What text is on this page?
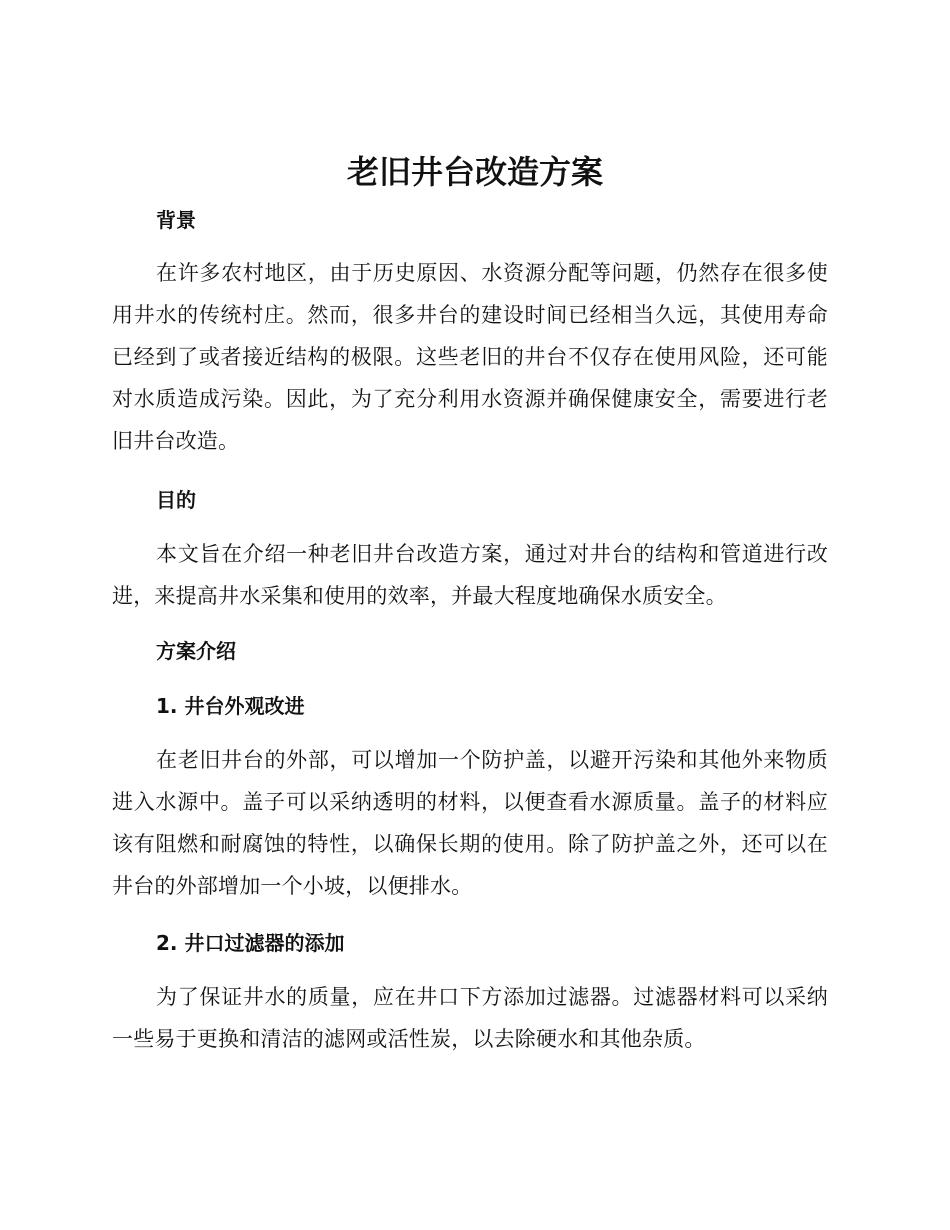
老旧井台改造方案
背景

在许多农村地区，由于历史原因、水资源分配等问题，仍然存在很多使用井水的传统村庄。然而，很多井台的建设时间已经相当久远，其使用寿命已经到了或者接近结构的极限。这些老旧的井台不仅存在使用风险，还可能对水质造成污染。因此，为了充分利用水资源并确保健康安全，需要进行老旧井台改造。

目的

本文旨在介绍一种老旧井台改造方案，通过对井台的结构和管道进行改进，来提高井水采集和使用的效率，并最大程度地确保水质安全。

方案介绍
1. 井台外观改进

在老旧井台的外部，可以增加一个防护盖，以避开污染和其他外来物质进入水源中。盖子可以采纳透明的材料，以便查看水源质量。盖子的材料应该有阻燃和耐腐蚀的特性，以确保长期的使用。除了防护盖之外，还可以在井台的外部增加一个小坡，以便排水。

2. 井口过滤器的添加

为了保证井水的质量，应在井口下方添加过滤器。过滤器材料可以采纳一些易于更换和清洁的滤网或活性炭，以去除硬水和其他杂质。
